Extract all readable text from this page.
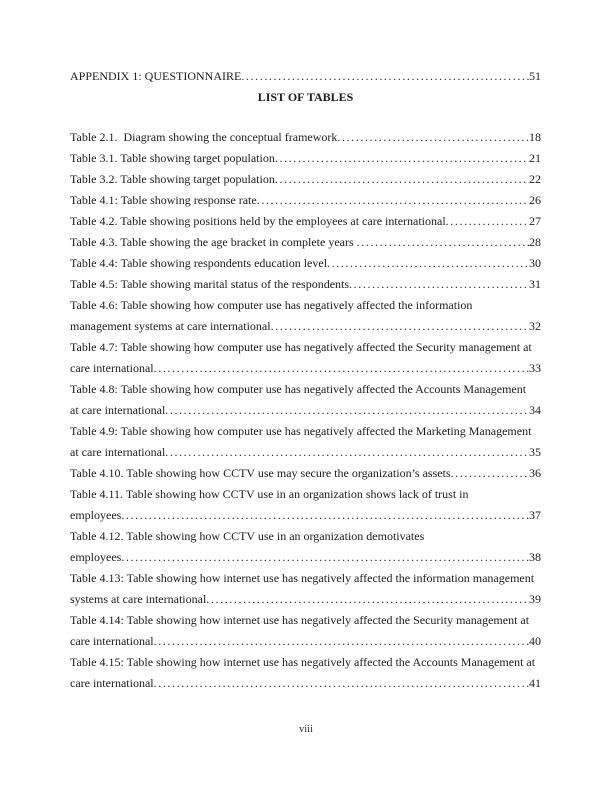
APPENDIX 1: QUESTIONNAIRE .....	51
LIST OF TABLES
Table 2.1.  Diagram showing the conceptual framework .....	18
Table 3.1. Table showing target population .....	21
Table 3.2. Table showing target population .....	22
Table 4.1: Table showing response rate .....	26
Table 4.2. Table showing positions held by the employees at care international .....	27
Table 4.3. Table showing the age bracket in complete years .....	28
Table 4.4: Table showing respondents education level .....	30
Table 4.5: Table showing marital status of the respondents .....	31
Table 4.6: Table showing how computer use has negatively affected the information
management systems at care international .....	32
Table 4.7: Table showing how computer use has negatively affected the Security management at
care international .....	33
Table 4.8: Table showing how computer use has negatively affected the Accounts Management
at care international .....	34
Table 4.9: Table showing how computer use has negatively affected the Marketing Management
at care international .....	35
Table 4.10. Table showing how CCTV use may secure the organization’s assets .....	36
Table 4.11. Table showing how CCTV use in an organization shows lack of trust in
employees .....	37
Table 4.12. Table showing how CCTV use in an organization demotivates
employees .....	38
Table 4.13: Table showing how internet use has negatively affected the information management
systems at care international .....	39
Table 4.14: Table showing how internet use has negatively affected the Security management at
care international .....	40
Table 4.15: Table showing how internet use has negatively affected the Accounts Management at
care international .....	41
viii
